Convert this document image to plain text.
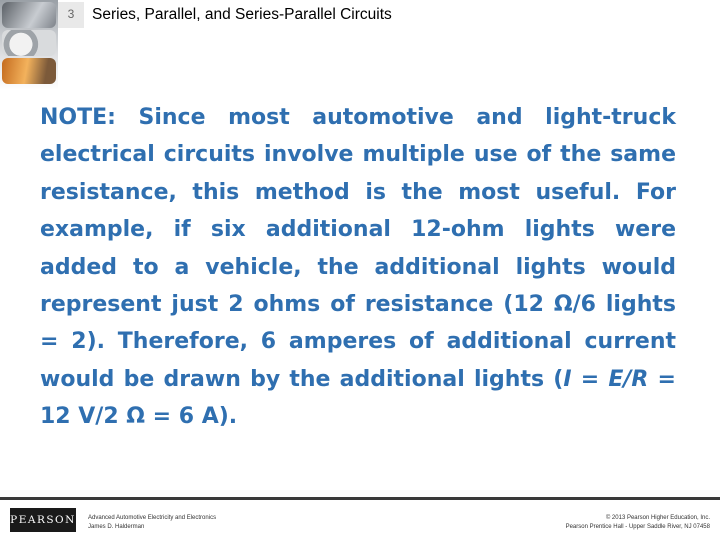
3	Series, Parallel, and Series-Parallel Circuits

NOTE: Since most automotive and light-truck electrical circuits involve multiple use of the same resistance, this method is the most useful. For example, if six additional 12-ohm lights were added to a vehicle, the additional lights would represent just 2 ohms of resistance (12 Ω/6 lights = 2). Therefore, 6 amperes of additional current would be drawn by the additional lights (I = E/R = 12 V/2 Ω = 6 A).

PEARSON Advanced Automotive Electricity and Electronics
James D. Halderman
© 2013 Pearson Higher Education, Inc.
Pearson Prentice Hall - Upper Saddle River, NJ 07458
